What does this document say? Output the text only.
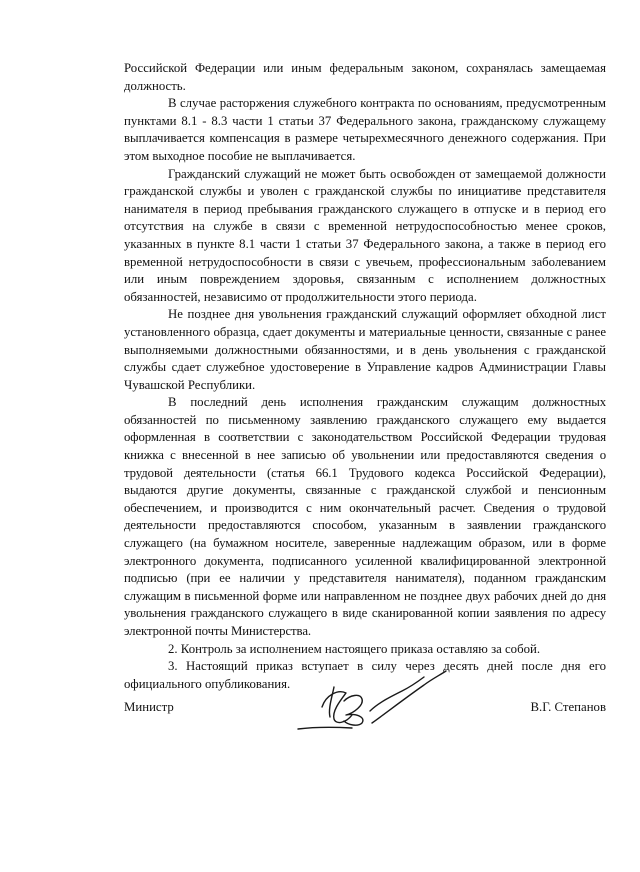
Российской Федерации или иным федеральным законом, сохранялась замещаемая должность.

В случае расторжения служебного контракта по основаниям, предусмотренным пунктами 8.1 - 8.3 части 1 статьи 37 Федерального закона, гражданскому служащему выплачивается компенсация в размере четырехмесячного денежного содержания. При этом выходное пособие не выплачивается.

Гражданский служащий не может быть освобожден от замещаемой должности гражданской службы и уволен с гражданской службы по инициативе представителя нанимателя в период пребывания гражданского служащего в отпуске и в период его отсутствия на службе в связи с временной нетрудоспособностью менее сроков, указанных в пункте 8.1 части 1 статьи 37 Федерального закона, а также в период его временной нетрудоспособности в связи с увечьем, профессиональным заболеванием или иным повреждением здоровья, связанным с исполнением должностных обязанностей, независимо от продолжительности этого периода.

Не позднее дня увольнения гражданский служащий оформляет обходной лист установленного образца, сдает документы и материальные ценности, связанные с ранее выполняемыми должностными обязанностями, и в день увольнения с гражданской службы сдает служебное удостоверение в Управление кадров Администрации Главы Чувашской Республики.

В последний день исполнения гражданским служащим должностных обязанностей по письменному заявлению гражданского служащего ему выдается оформленная в соответствии с законодательством Российской Федерации трудовая книжка с внесенной в нее записью об увольнении или предоставляются сведения о трудовой деятельности (статья 66.1 Трудового кодекса Российской Федерации), выдаются другие документы, связанные с гражданской службой и пенсионным обеспечением, и производится с ним окончательный расчет. Сведения о трудовой деятельности предоставляются способом, указанным в заявлении гражданского служащего (на бумажном носителе, заверенные надлежащим образом, или в форме электронного документа, подписанного усиленной квалифицированной электронной подписью (при ее наличии у представителя нанимателя), поданном гражданским служащим в письменной форме или направленном не позднее двух рабочих дней до дня увольнения гражданского служащего в виде сканированной копии заявления по адресу электронной почты Министерства.

2. Контроль за исполнением настоящего приказа оставляю за собой.

3. Настоящий приказ вступает в силу через десять дней после дня его официального опубликования.

Министр	В.Г. Степанов
